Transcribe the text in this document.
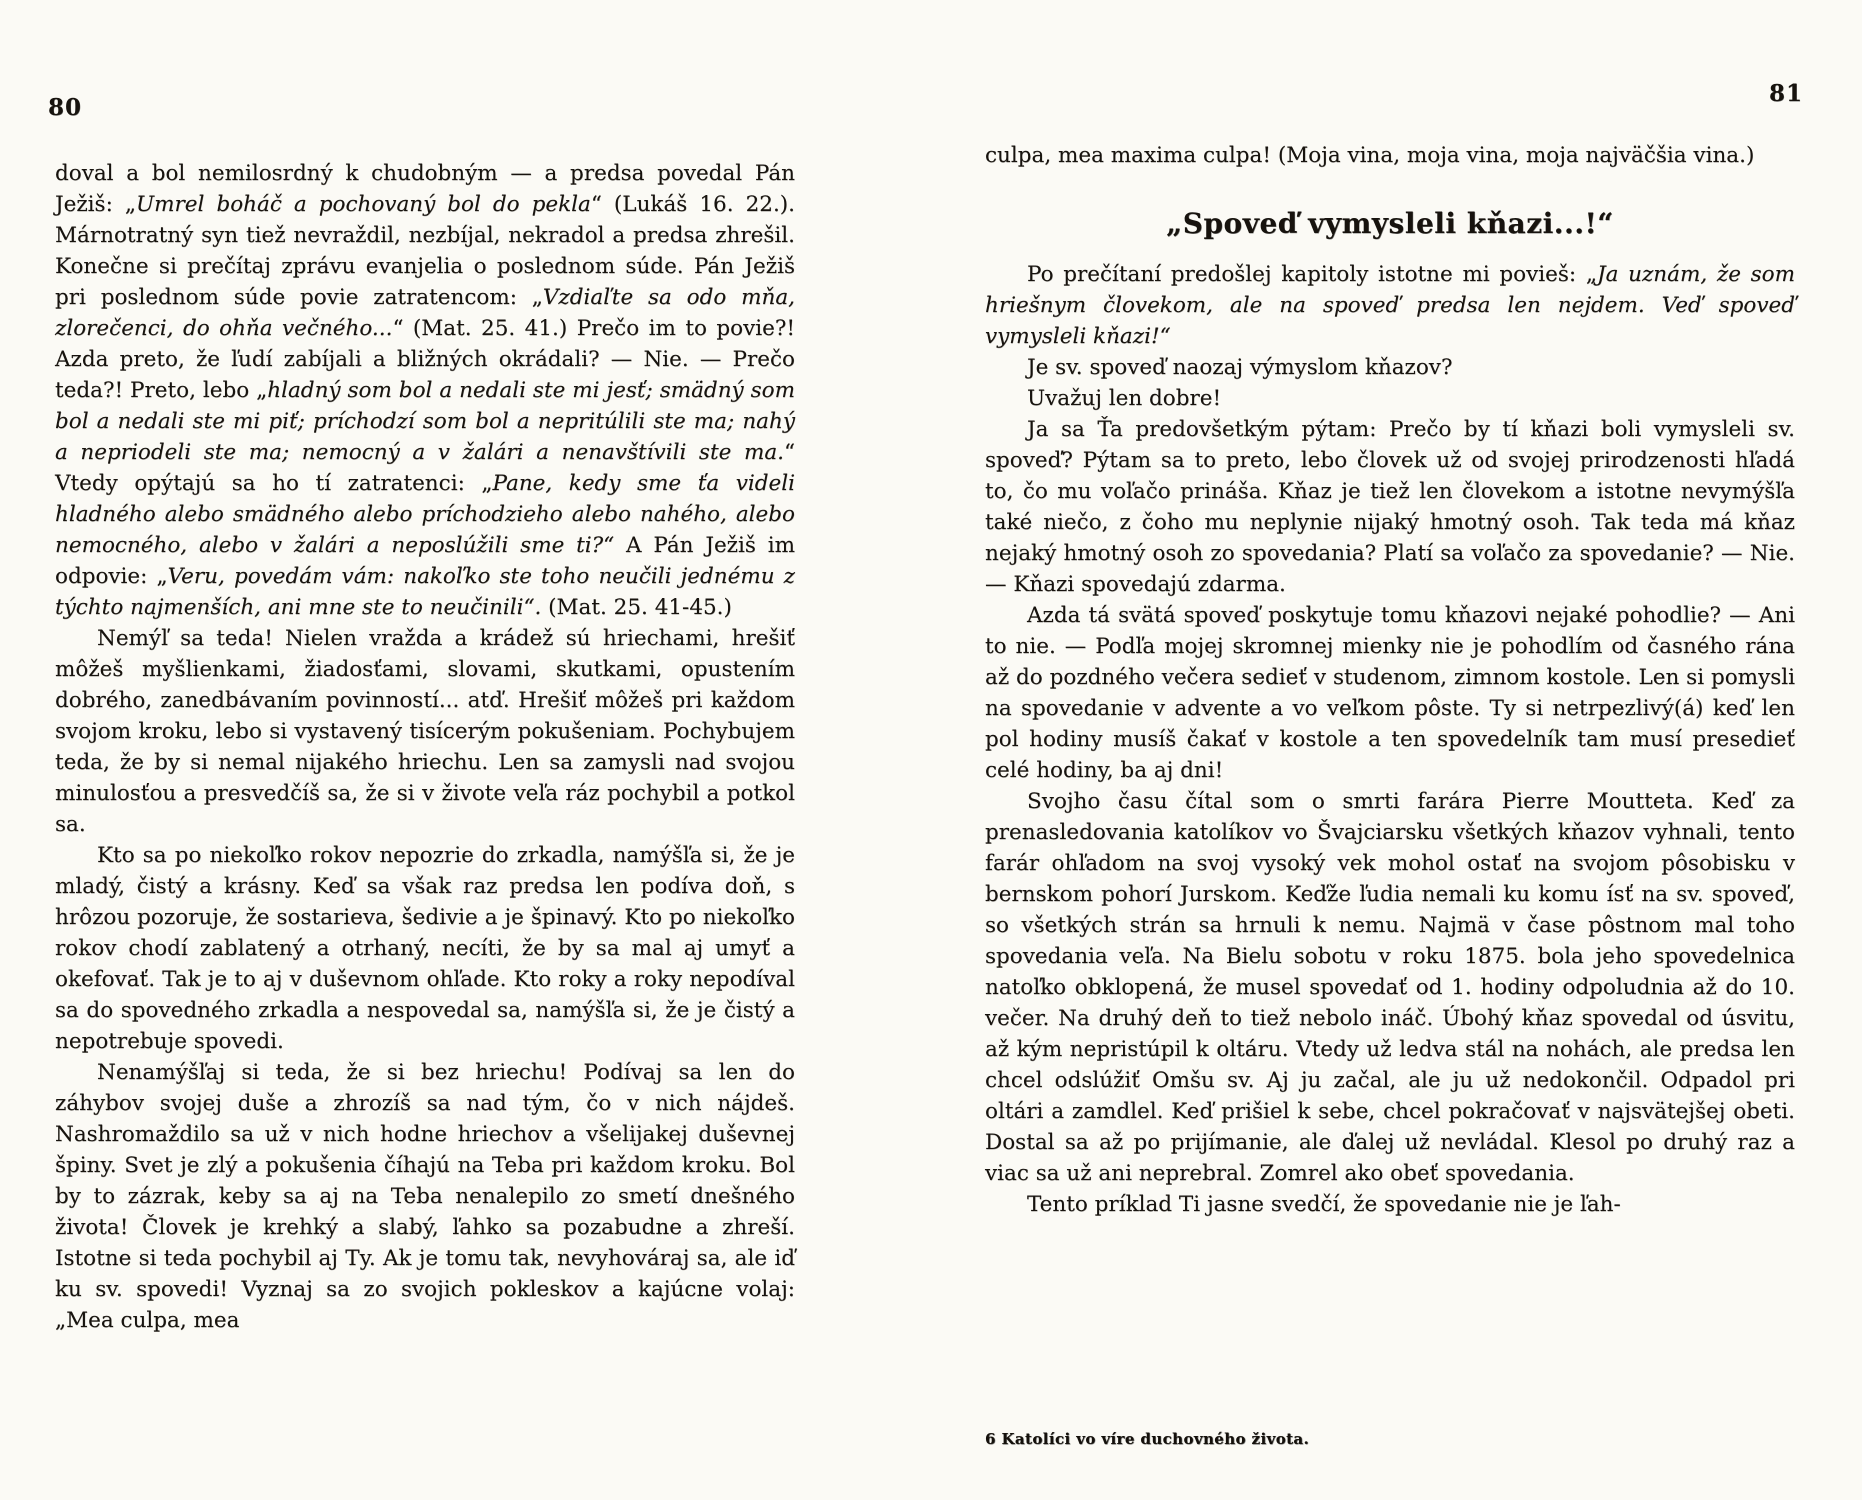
80
81

doval a bol nemilosrdný k chudobným — a predsa povedal Pán Ježiš: „Umrel boháč a pochovaný bol do pekla“ (Lukáš 16. 22.). Márnotratný syn tiež nevraždil, nezbíjal, nekradol a predsa zhrešil. Konečne si prečítaj zprávu evanjelia o poslednom súde. Pán Ježiš pri poslednom súde povie zatratencom: „Vzdiaľte sa odo mňa, zlorečenci, do ohňa večného...“ (Mat. 25. 41.) Prečo im to povie?! Azda preto, že ľudí zabíjali a bližných okrádali? — Nie. — Prečo teda?! Preto, lebo „hladný som bol a nedali ste mi jesť; smädný som bol a nedali ste mi piť; príchodzí som bol a nepritúlili ste ma; nahý a nepriodeli ste ma; nemocný a v žalári a nenavštívili ste ma.“ Vtedy opýtajú sa ho tí zatratenci: „Pane, kedy sme ťa videli hladného alebo smädného alebo príchodzieho alebo nahého, alebo nemocného, alebo v žalári a neposlúžili sme ti?“ A Pán Ježiš im odpovie: „Veru, povedám vám: nakoľko ste toho neučili jednému z týchto najmenších, ani mne ste to neučinili“. (Mat. 25. 41-45.)

Nemýľ sa teda! Nielen vražda a krádež sú hriechami, hrešiť môžeš myšlienkami, žiadosťami, slovami, skutkami, opustením dobrého, zanedbávaním povinností... atď. Hrešiť môžeš pri každom svojom kroku, lebo si vystavený tisícerým pokušeniam. Pochybujem teda, že by si nemal nijakého hriechu. Len sa zamysli nad svojou minulosťou a presvedčíš sa, že si v živote veľa ráz pochybil a potkol sa.

Kto sa po niekoľko rokov nepozrie do zrkadla, namýšľa si, že je mladý, čistý a krásny. Keď sa však raz predsa len podíva doň, s hrôzou pozoruje, že sostarieva, šedivie a je špinavý. Kto po niekoľko rokov chodí zablatený a otrhaný, necíti, že by sa mal aj umyť a okefovať. Tak je to aj v duševnom ohľade. Kto roky a roky nepodíval sa do spovedného zrkadla a nespovedal sa, namýšľa si, že je čistý a nepotrebuje spovedi.

Nenamýšľaj si teda, že si bez hriechu! Podívaj sa len do záhybov svojej duše a zhrozíš sa nad tým, čo v nich nájdeš. Nashromaždilo sa už v nich hodne hriechov a všelijakej duševnej špiny. Svet je zlý a pokušenia číhajú na Teba pri každom kroku. Bol by to zázrak, keby sa aj na Teba nenalepilo zo smetí dnešného života! Človek je krehký a slabý, ľahko sa pozabudne a zhreší. Istotne si teda pochybil aj Ty. Ak je tomu tak, nevyhováraj sa, ale iď ku sv. spovedi! Vyznaj sa zo svojich pokleskov a kajúcne volaj: „Mea culpa, mea

culpa, mea maxima culpa! (Moja vina, moja vina, moja najväčšia vina.)

„Spoveď vymysleli kňazi...!“

Po prečítaní predošlej kapitoly istotne mi povieš: „Ja uznám, že som hriešnym človekom, ale na spoveď predsa len nejdem. Veď spoveď vymysleli kňazi!“

Je sv. spoveď naozaj výmyslom kňazov?

Uvažuj len dobre!

Ja sa Ťa predovšetkým pýtam: Prečo by tí kňazi boli vymysleli sv. spoveď? Pýtam sa to preto, lebo človek už od svojej prirodzenosti hľadá to, čo mu voľačo prináša. Kňaz je tiež len človekom a istotne nevymýšľa také niečo, z čoho mu neplynie nijaký hmotný osoh. Tak teda má kňaz nejaký hmotný osoh zo spovedania? Platí sa voľačo za spovedanie? — Nie. — Kňazi spovedajú zdarma.

Azda tá svätá spoveď poskytuje tomu kňazovi nejaké pohodlie? — Ani to nie. — Podľa mojej skromnej mienky nie je pohodlím od časného rána až do pozdného večera sedieť v studenom, zimnom kostole. Len si pomysli na spovedanie v advente a vo veľkom pôste. Ty si netrpezlivý(á) keď len pol hodiny musíš čakať v kostole a ten spovedelník tam musí presedieť celé hodiny, ba aj dni!

Svojho času čítal som o smrti farára Pierre Moutteta. Keď za prenasledovania katolíkov vo Švajciarsku všetkých kňazov vyhnali, tento farár ohľadom na svoj vysoký vek mohol ostať na svojom pôsobisku v bernskom pohorí Jurskom. Keďže ľudia nemali ku komu ísť na sv. spoveď, so všetkých strán sa hrnuli k nemu. Najmä v čase pôstnom mal toho spovedania veľa. Na Bielu sobotu v roku 1875. bola jeho spovedelnica natoľko obklopená, že musel spovedať od 1. hodiny odpoludnia až do 10. večer. Na druhý deň to tiež nebolo ináč. Úbohý kňaz spovedal od úsvitu, až kým nepristúpil k oltáru. Vtedy už ledva stál na nohách, ale predsa len chcel odslúžiť Omšu sv. Aj ju začal, ale ju už nedokončil. Odpadol pri oltári a zamdlel. Keď prišiel k sebe, chcel pokračovať v najsvätejšej obeti. Dostal sa až po prijímanie, ale ďalej už nevládal. Klesol po druhý raz a viac sa už ani neprebral. Zomrel ako obeť spovedania.

Tento príklad Ti jasne svedčí, že spovedanie nie je ľah-

6 Katolíci vo víre duchovného života.
